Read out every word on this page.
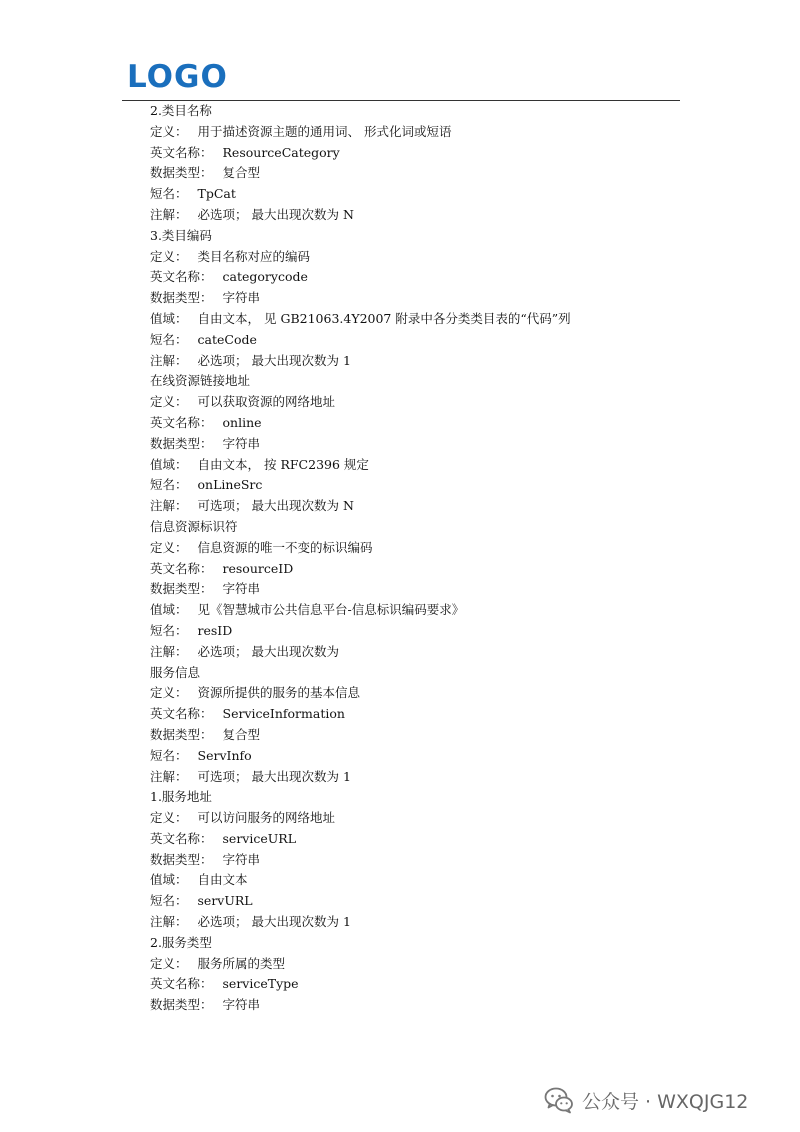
LOGO
2.类目名称
定义： 用于描述资源主题的通用词、 形式化词或短语
英文名称： ResourceCategory
数据类型： 复合型
短名： TpCat
注解： 必选项； 最大出现次数为 N
3.类目编码
定义： 类目名称对应的编码
英文名称： categorycode
数据类型： 字符串
值域： 自由文本， 见 GB21063.4Y2007 附录中各分类类目表的“代码”列
短名： cateCode
注解： 必选项； 最大出现次数为 1
在线资源链接地址
定义： 可以获取资源的网络地址
英文名称： online
数据类型： 字符串
值域： 自由文本， 按 RFC2396 规定
短名： onLineSrc
注解： 可选项； 最大出现次数为 N
信息资源标识符
定义： 信息资源的唯一不变的标识编码
英文名称： resourceID
数据类型： 字符串
值域： 见《智慧城市公共信息平台-信息标识编码要求》
短名： resID
注解： 必选项； 最大出现次数为
服务信息
定义： 资源所提供的服务的基本信息
英文名称： ServiceInformation
数据类型： 复合型
短名： ServInfo
注解： 可选项； 最大出现次数为 1
1.服务地址
定义： 可以访问服务的网络地址
英文名称： serviceURL
数据类型： 字符串
值域： 自由文本
短名： servURL
注解： 必选项； 最大出现次数为 1
2.服务类型
定义： 服务所属的类型
英文名称： serviceType
数据类型： 字符串
公众号 · WXQJG12
